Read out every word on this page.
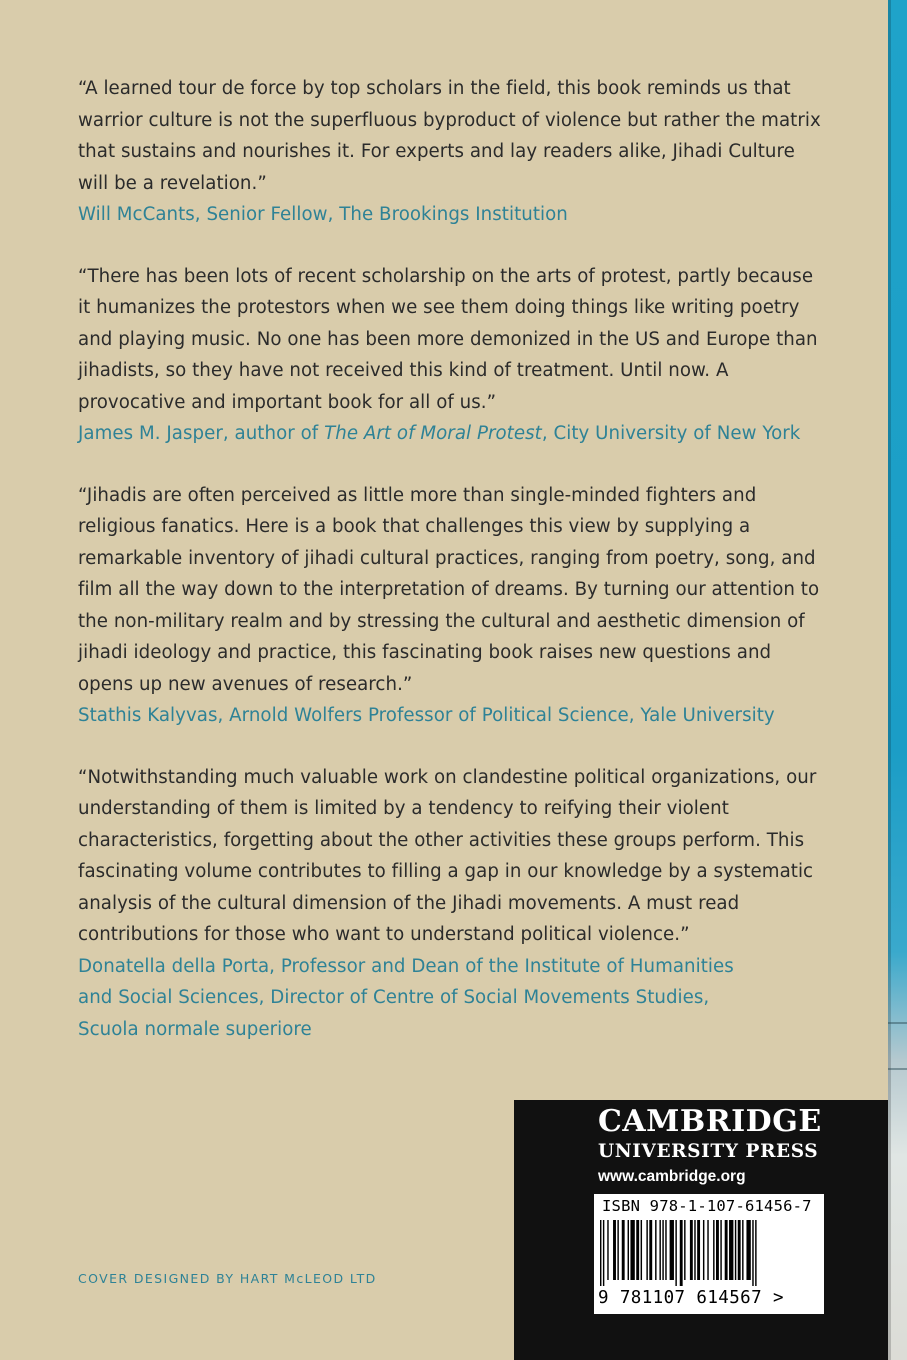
“A learned tour de force by top scholars in the field, this book reminds us that warrior culture is not the superfluous byproduct of violence but rather the matrix that sustains and nourishes it. For experts and lay readers alike, Jihadi Culture will be a revelation.”

Will McCants, Senior Fellow, The Brookings Institution

“There has been lots of recent scholarship on the arts of protest, partly because it humanizes the protestors when we see them doing things like writing poetry and playing music. No one has been more demonized in the US and Europe than jihadists, so they have not received this kind of treatment. Until now. A provocative and important book for all of us.”

James M. Jasper, author of The Art of Moral Protest, City University of New York

“Jihadis are often perceived as little more than single-minded fighters and religious fanatics. Here is a book that challenges this view by supplying a remarkable inventory of jihadi cultural practices, ranging from poetry, song, and film all the way down to the interpretation of dreams. By turning our attention to the non-military realm and by stressing the cultural and aesthetic dimension of jihadi ideology and practice, this fascinating book raises new questions and opens up new avenues of research.”

Stathis Kalyvas, Arnold Wolfers Professor of Political Science, Yale University

“Notwithstanding much valuable work on clandestine political organizations, our understanding of them is limited by a tendency to reifying their violent characteristics, forgetting about the other activities these groups perform. This fascinating volume contributes to filling a gap in our knowledge by a systematic analysis of the cultural dimension of the Jihadi movements. A must read contributions for those who want to understand political violence.”

Donatella della Porta, Professor and Dean of the Institute of Humanities

and Social Sciences, Director of Centre of Social Movements Studies,

Scuola normale superiore

COVER DESIGNED BY HART McLEOD LTD
CAMBRIDGE
UNIVERSITY PRESS
www.cambridge.org
ISBN 978-1-107-61456-7
9 781107 614567 >
